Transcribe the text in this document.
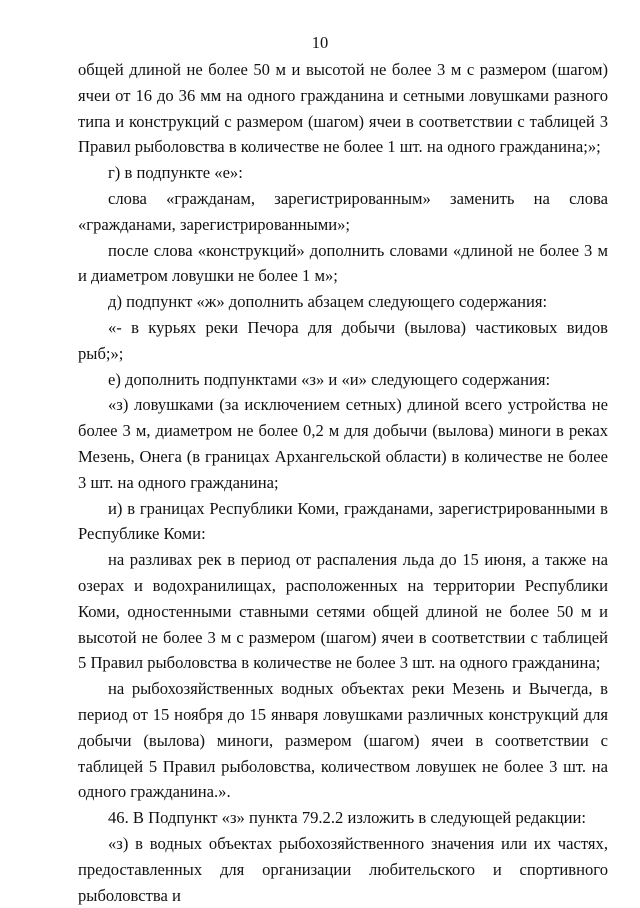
10

общей длиной не более 50 м и высотой не более 3 м с размером (шагом) ячеи от 16 до 36 мм на одного гражданина и сетными ловушками разного типа и конструкций с размером (шагом) ячеи в соответствии с таблицей 3 Правил рыболовства в количестве не более 1 шт. на одного гражданина;»;

г) в подпункте «е»:

слова «гражданам, зарегистрированным» заменить на слова «гражданами, зарегистрированными»;

после слова «конструкций» дополнить словами «длиной не более 3 м и диаметром ловушки не более 1 м»;

д) подпункт «ж» дополнить абзацем следующего содержания:

«- в курьях реки Печора для добычи (вылова) частиковых видов рыб;»;

е) дополнить подпунктами «з» и «и» следующего содержания:

«з) ловушками (за исключением сетных) длиной всего устройства не более 3 м, диаметром не более 0,2 м для добычи (вылова) миноги в реках Мезень, Онега (в границах Архангельской области) в количестве не более 3 шт. на одного гражданина;

и) в границах Республики Коми, гражданами, зарегистрированными в Республике Коми:

на разливах рек в период от распаления льда до 15 июня, а также на озерах и водохранилищах, расположенных на территории Республики Коми, одностенными ставными сетями общей длиной не более 50 м и высотой не более 3 м с размером (шагом) ячеи в соответствии с таблицей 5 Правил рыболовства в количестве не более 3 шт. на одного гражданина;

на рыбохозяйственных водных объектах реки Мезень и Вычегда, в период от 15 ноября до 15 января ловушками различных конструкций для добычи (вылова) миноги, размером (шагом) ячеи в соответствии с таблицей 5 Правил рыболовства, количеством ловушек не более 3 шт. на одного гражданина.».

46. В Подпункт «з» пункта 79.2.2 изложить в следующей редакции:

«з) в водных объектах рыбохозяйственного значения или их частях, предоставленных для организации любительского и спортивного рыболовства и
